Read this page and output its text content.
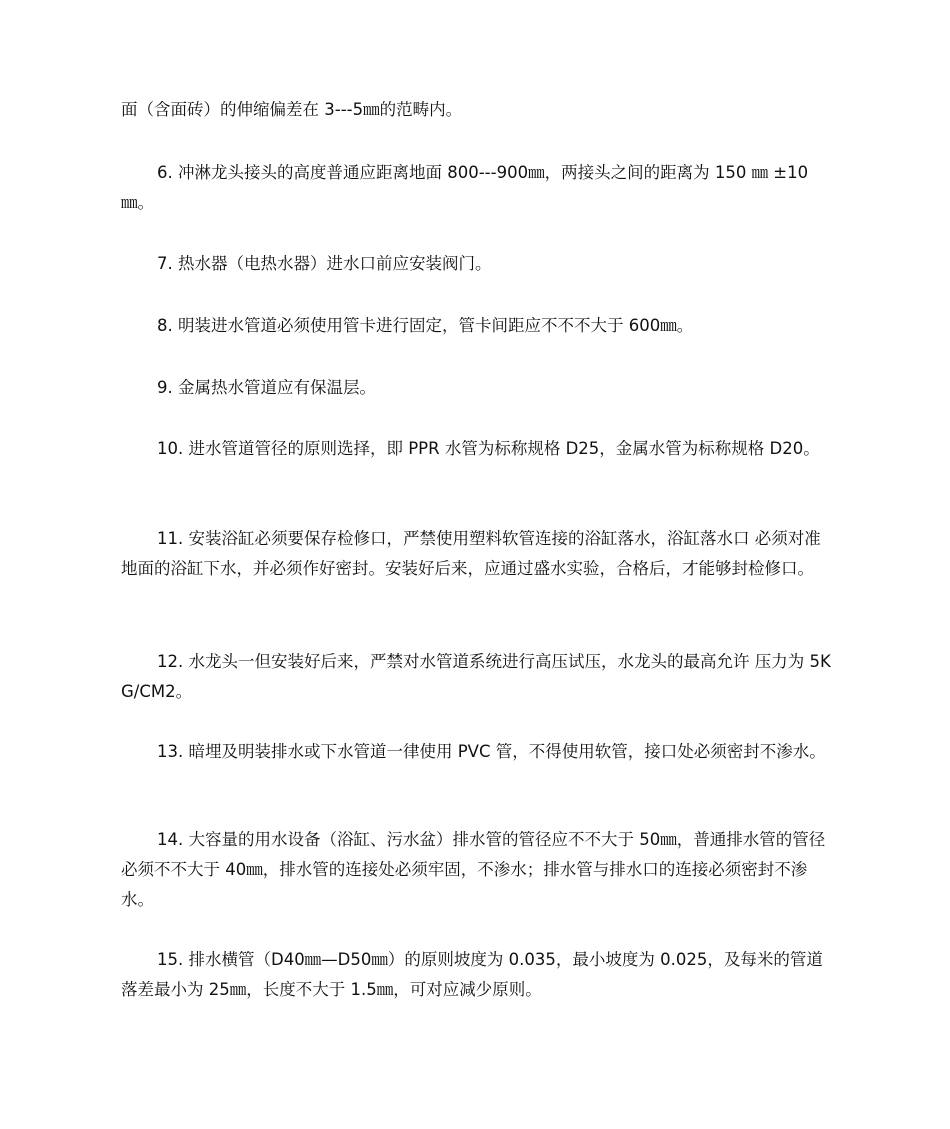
面（含面砖）的伸缩偏差在 3---5㎜的范畴内。

6. 冲淋龙头接头的高度普通应距离地面 800---900㎜，两接头之间的距离为 150 ㎜ ±10㎜。

7. 热水器（电热水器）进水口前应安装阀门。

8. 明装进水管道必须使用管卡进行固定，管卡间距应不不不大于 600㎜。

9. 金属热水管道应有保温层。

10. 进水管道管径的原则选择，即 PPR 水管为标称规格 D25，金属水管为标称规格 D20。

11. 安装浴缸必须要保存检修口，严禁使用塑料软管连接的浴缸落水，浴缸落水口 必须对准地面的浴缸下水，并必须作好密封。安装好后来，应通过盛水实验，合格后，才能够封检修口。

12. 水龙头一但安装好后来，严禁对水管道系统进行高压试压，水龙头的最高允许 压力为 5KG/CM2。

13. 暗埋及明装排水或下水管道一律使用 PVC 管，不得使用软管，接口处必须密封不渗水。

14. 大容量的用水设备（浴缸、污水盆）排水管的管径应不不大于 50㎜，普通排水管的管径必须不不大于 40㎜，排水管的连接处必须牢固，不渗水；排水管与排水口的连接必须密封不渗水。

15. 排水横管（D40㎜—D50㎜）的原则坡度为 0.035，最小坡度为 0.025，及每米的管道落差最小为 25㎜，长度不大于 1.5㎜，可对应减少原则。
